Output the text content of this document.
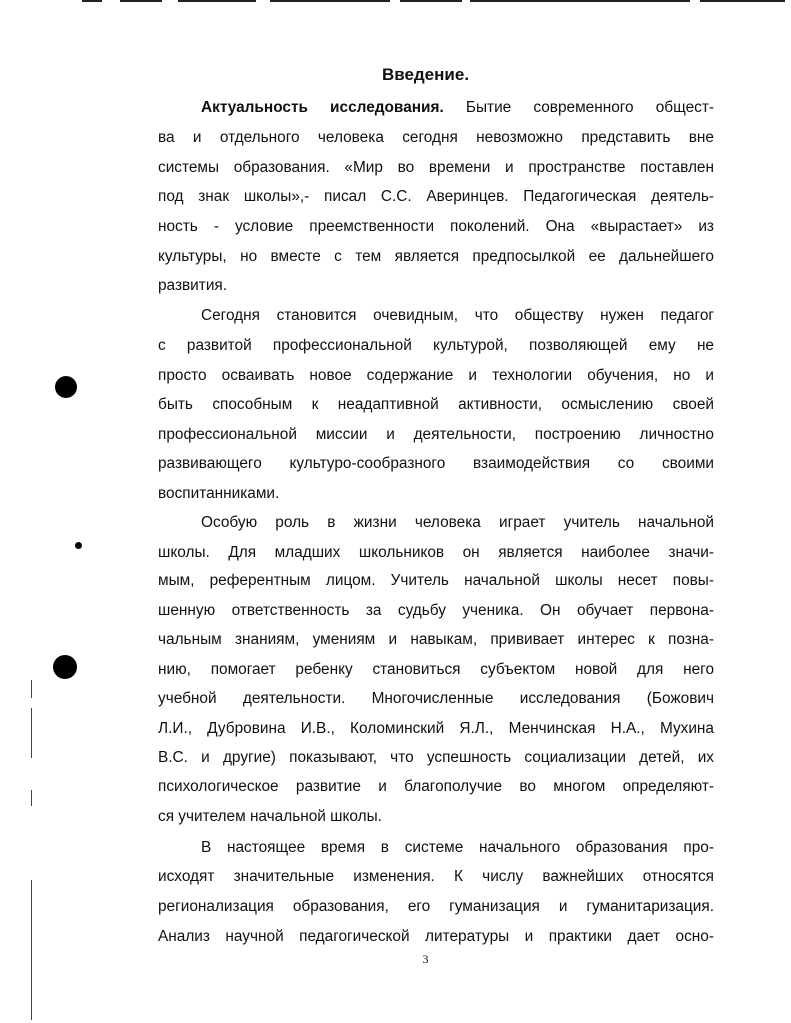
Введение.
Актуальность исследования. Бытие современного общест-
ва и отдельного человека сегодня невозможно представить вне
системы образования. «Мир во времени и пространстве поставлен
под знак школы»,- писал С.С. Аверинцев. Педагогическая деятель-
ность - условие преемственности поколений. Она «вырастает» из
культуры, но вместе с тем является предпосылкой ее дальнейшего
развития.
Сегодня становится очевидным, что обществу нужен педагог
с развитой профессиональной культурой, позволяющей ему не
просто осваивать новое содержание и технологии обучения, но и
быть способным к неадаптивной активности, осмыслению своей
профессиональной миссии и деятельности, построению личностно
развивающего культуро-сообразного взаимодействия со своими
воспитанниками.
Особую роль в жизни человека играет учитель начальной
школы. Для младших школьников он является наиболее значи-
мым, референтным лицом. Учитель начальной школы несет повы-
шенную ответственность за судьбу ученика. Он обучает первона-
чальным знаниям, умениям и навыкам, прививает интерес к позна-
нию, помогает ребенку становиться субъектом новой для него
учебной деятельности. Многочисленные исследования (Божович
Л.И., Дубровина И.В., Коломинский Я.Л., Менчинская Н.А., Мухина
В.С. и другие) показывают, что успешность социализации детей, их
психологическое развитие и благополучие во многом определяют-
ся учителем начальной школы.
В настоящее время в системе начального образования про-
исходят значительные изменения. К числу важнейших относятся
регионализация образования, его гуманизация и гуманитаризация.
Анализ научной педагогической литературы и практики дает осно-
3
